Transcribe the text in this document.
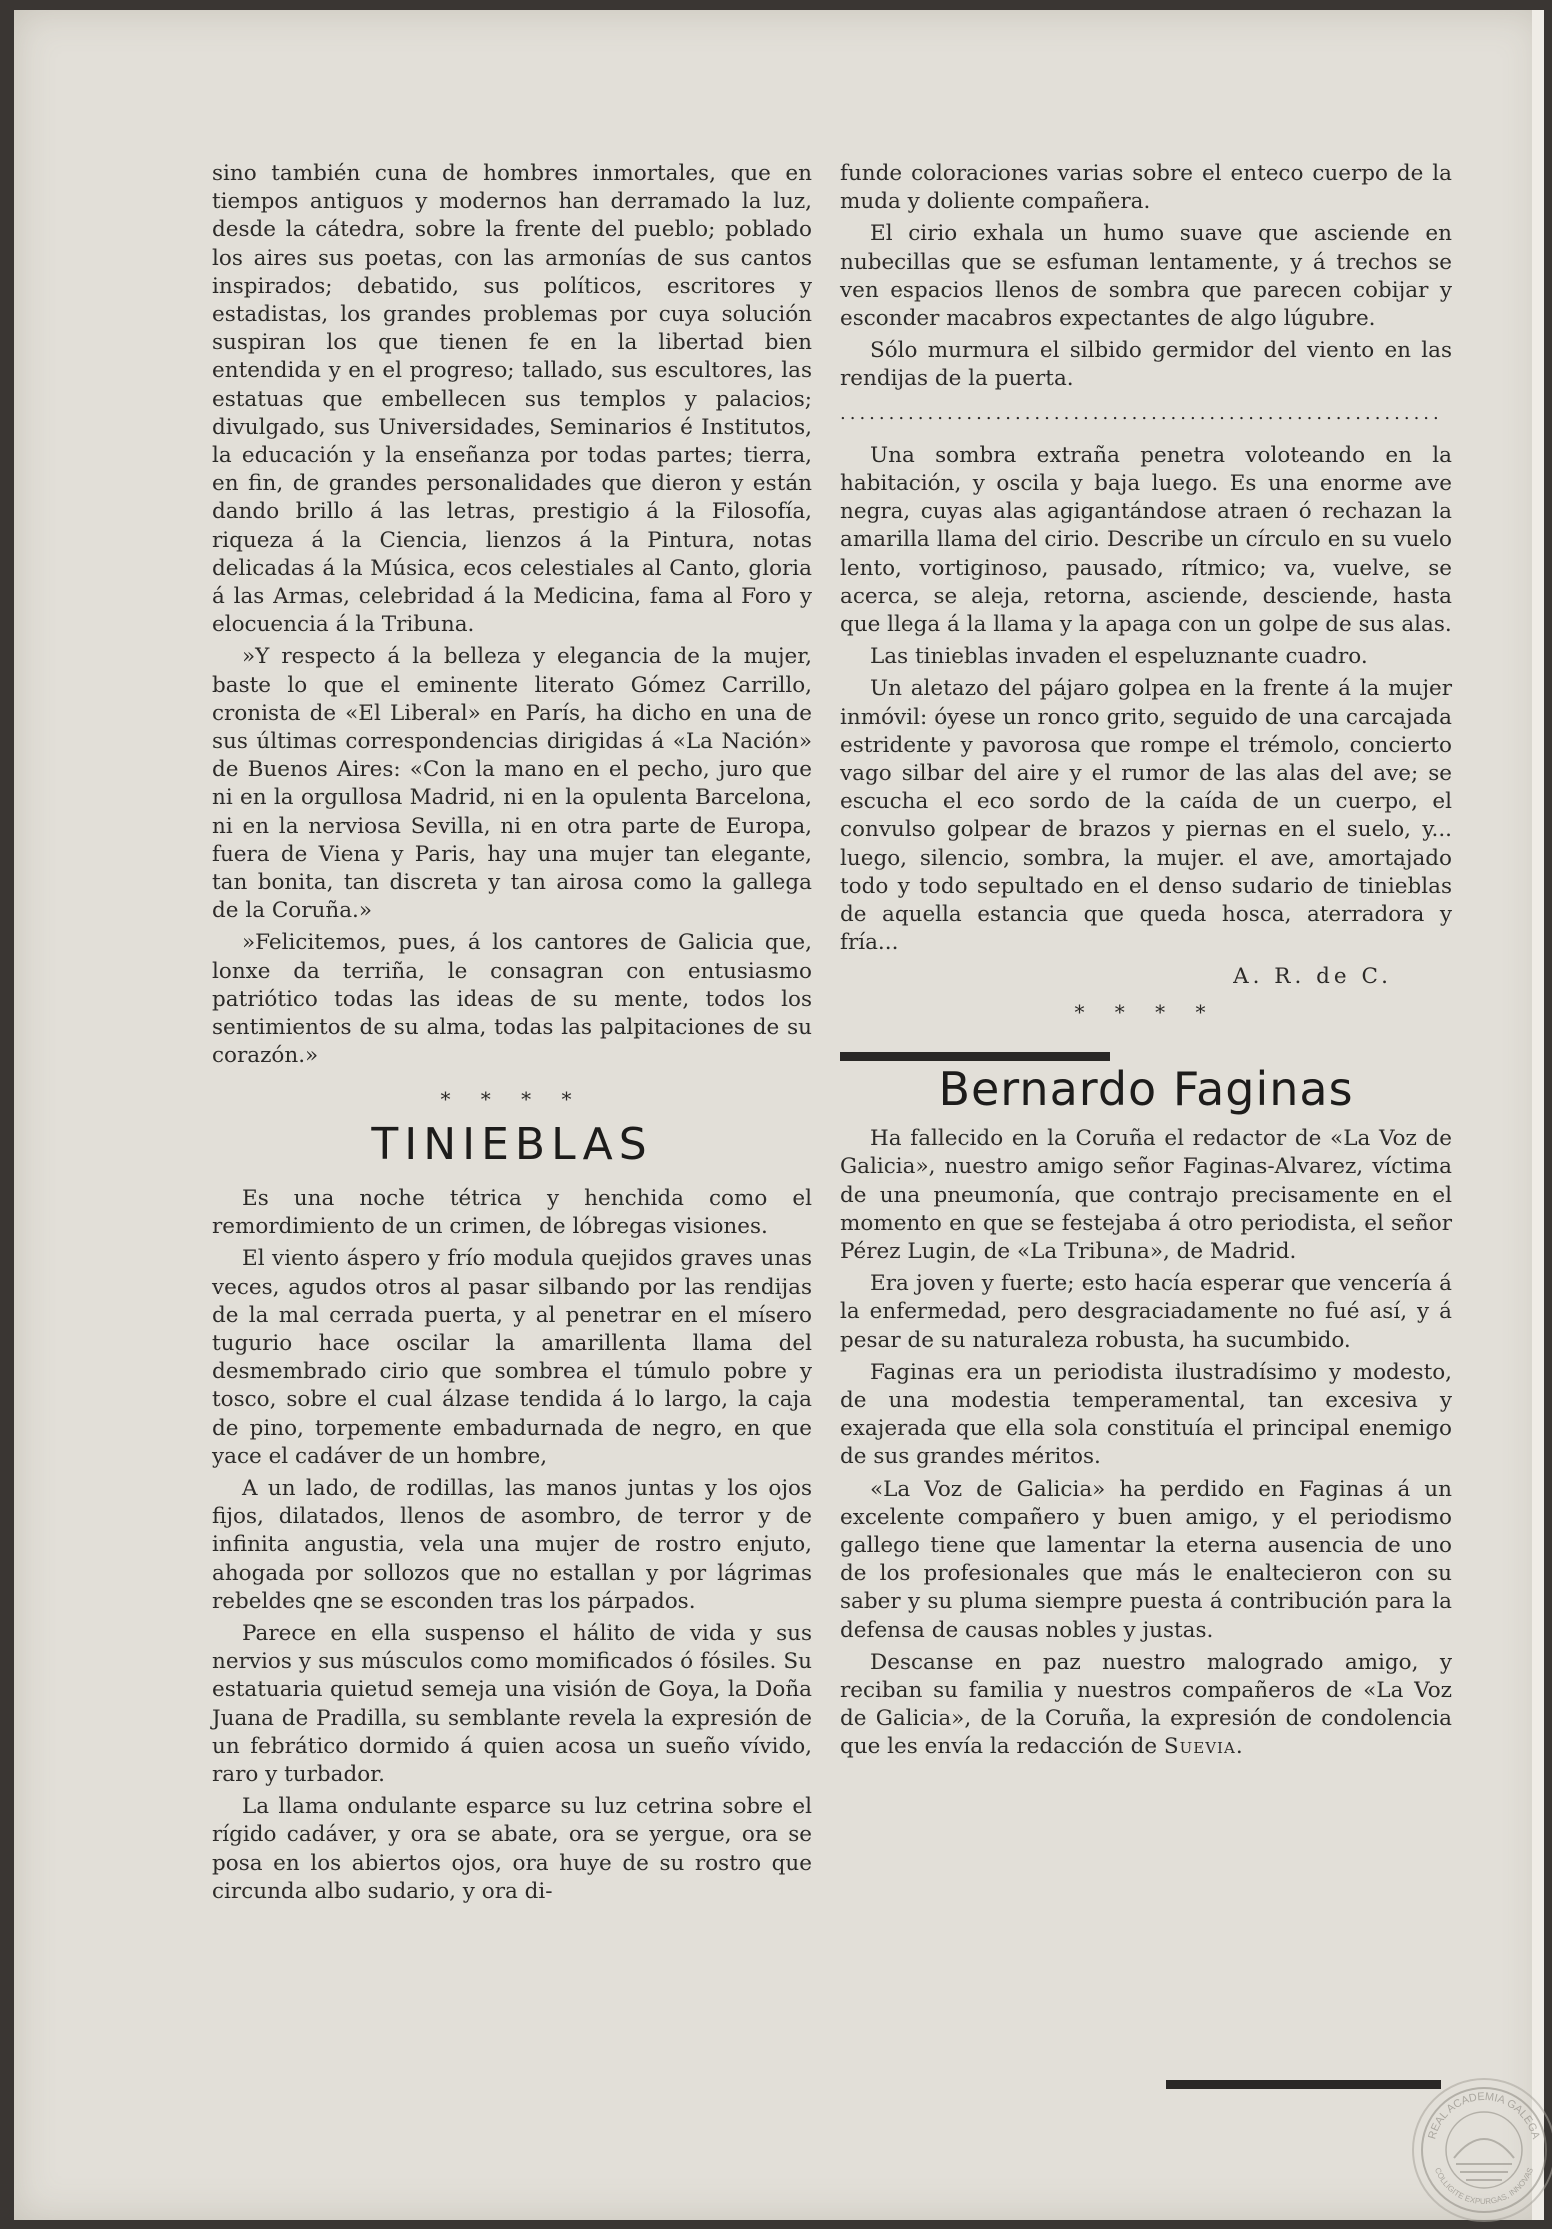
sino también cuna de hombres inmortales, que en tiempos antiguos y modernos han derramado la luz, desde la cátedra, sobre la frente del pueblo; poblado los aires sus poetas, con las armonías de sus cantos inspirados; debatido, sus políticos, escritores y estadistas, los grandes problemas por cuya solución suspiran los que tienen fe en la libertad bien entendida y en el progreso; tallado, sus escultores, las estatuas que embellecen sus templos y palacios; divulgado, sus Universidades, Seminarios é Institutos, la educación y la enseñanza por todas partes; tierra, en fin, de grandes personalidades que dieron y están dando brillo á las letras, prestigio á la Filosofía, riqueza á la Ciencia, lienzos á la Pintura, notas delicadas á la Música, ecos celestiales al Canto, gloria á las Armas, celebridad á la Medicina, fama al Foro y elocuencia á la Tribuna.

»Y respecto á la belleza y elegancia de la mujer, baste lo que el eminente literato Gómez Carrillo, cronista de «El Liberal» en París, ha dicho en una de sus últimas correspondencias dirigidas á «La Nación» de Buenos Aires: «Con la mano en el pecho, juro que ni en la orgullosa Madrid, ni en la opulenta Barcelona, ni en la nerviosa Sevilla, ni en otra parte de Europa, fuera de Viena y Paris, hay una mujer tan elegante, tan bonita, tan discreta y tan airosa como la gallega de la Coruña.»

»Felicitemos, pues, á los cantores de Galicia que, lonxe da terriña, le consagran con entusiasmo patriótico todas las ideas de su mente, todos los sentimientos de su alma, todas las palpitaciones de su corazón.»

* * * *
TINIEBLAS

Es una noche tétrica y henchida como el remordimiento de un crimen, de lóbregas visiones.

El viento áspero y frío modula quejidos graves unas veces, agudos otros al pasar silbando por las rendijas de la mal cerrada puerta, y al penetrar en el mísero tugurio hace oscilar la amarillenta llama del desmembrado cirio que sombrea el túmulo pobre y tosco, sobre el cual álzase tendida á lo largo, la caja de pino, torpemente embadurnada de negro, en que yace el cadáver de un hombre,

A un lado, de rodillas, las manos juntas y los ojos fijos, dilatados, llenos de asombro, de terror y de infinita angustia, vela una mujer de rostro enjuto, ahogada por sollozos que no estallan y por lágrimas rebeldes qne se esconden tras los párpados.

Parece en ella suspenso el hálito de vida y sus nervios y sus músculos como momificados ó fósiles. Su estatuaria quietud semeja una visión de Goya, la Doña Juana de Pradilla, su semblante revela la expresión de un febrático dormido á quien acosa un sueño vívido, raro y turbador.

La llama ondulante esparce su luz cetrina sobre el rígido cadáver, y ora se abate, ora se yergue, ora se posa en los abiertos ojos, ora huye de su rostro que circunda albo sudario, y ora di-

funde coloraciones varias sobre el enteco cuerpo de la muda y doliente compañera.

El cirio exhala un humo suave que asciende en nubecillas que se esfuman lentamente, y á trechos se ven espacios llenos de sombra que parecen cobijar y esconder macabros expectantes de algo lúgubre.

Sólo murmura el silbido germidor del viento en las rendijas de la puerta.

..............................................................

Una sombra extraña penetra voloteando en la habitación, y oscila y baja luego. Es una enorme ave negra, cuyas alas agigantándose atraen ó rechazan la amarilla llama del cirio. Describe un círculo en su vuelo lento, vortiginoso, pausado, rítmico; va, vuelve, se acerca, se aleja, retorna, asciende, desciende, hasta que llega á la llama y la apaga con un golpe de sus alas.

Las tinieblas invaden el espeluznante cuadro.

Un aletazo del pájaro golpea en la frente á la mujer inmóvil: óyese un ronco grito, seguido de una carcajada estridente y pavorosa que rompe el trémolo, concierto vago silbar del aire y el rumor de las alas del ave; se escucha el eco sordo de la caída de un cuerpo, el convulso golpear de brazos y piernas en el suelo, y... luego, silencio, sombra, la mujer. el ave, amortajado todo y todo sepultado en el denso sudario de tinieblas de aquella estancia que queda hosca, aterradora y fría...

A. R. de C.
* * * *
Bernardo Faginas

Ha fallecido en la Coruña el redactor de «La Voz de Galicia», nuestro amigo señor Faginas-Alvarez, víctima de una pneumonía, que contrajo precisamente en el momento en que se festejaba á otro periodista, el señor Pérez Lugin, de «La Tribuna», de Madrid.

Era joven y fuerte; esto hacía esperar que vencería á la enfermedad, pero desgraciadamente no fué así, y á pesar de su naturaleza robusta, ha sucumbido.

Faginas era un periodista ilustradísimo y modesto, de una modestia temperamental, tan excesiva y exajerada que ella sola constituía el principal enemigo de sus grandes méritos.

«La Voz de Galicia» ha perdido en Faginas á un excelente compañero y buen amigo, y el periodismo gallego tiene que lamentar la eterna ausencia de uno de los profesionales que más le enaltecieron con su saber y su pluma siempre puesta á contribución para la defensa de causas nobles y justas.

Descanse en paz nuestro malogrado amigo, y reciban su familia y nuestros compañeros de «La Voz de Galicia», de la Coruña, la expresión de condolencia que les envía la redacción de Suevia.

REAL ACADEMIA GALEGA
COLLIGITE EXPURGAS, INNOVAS
